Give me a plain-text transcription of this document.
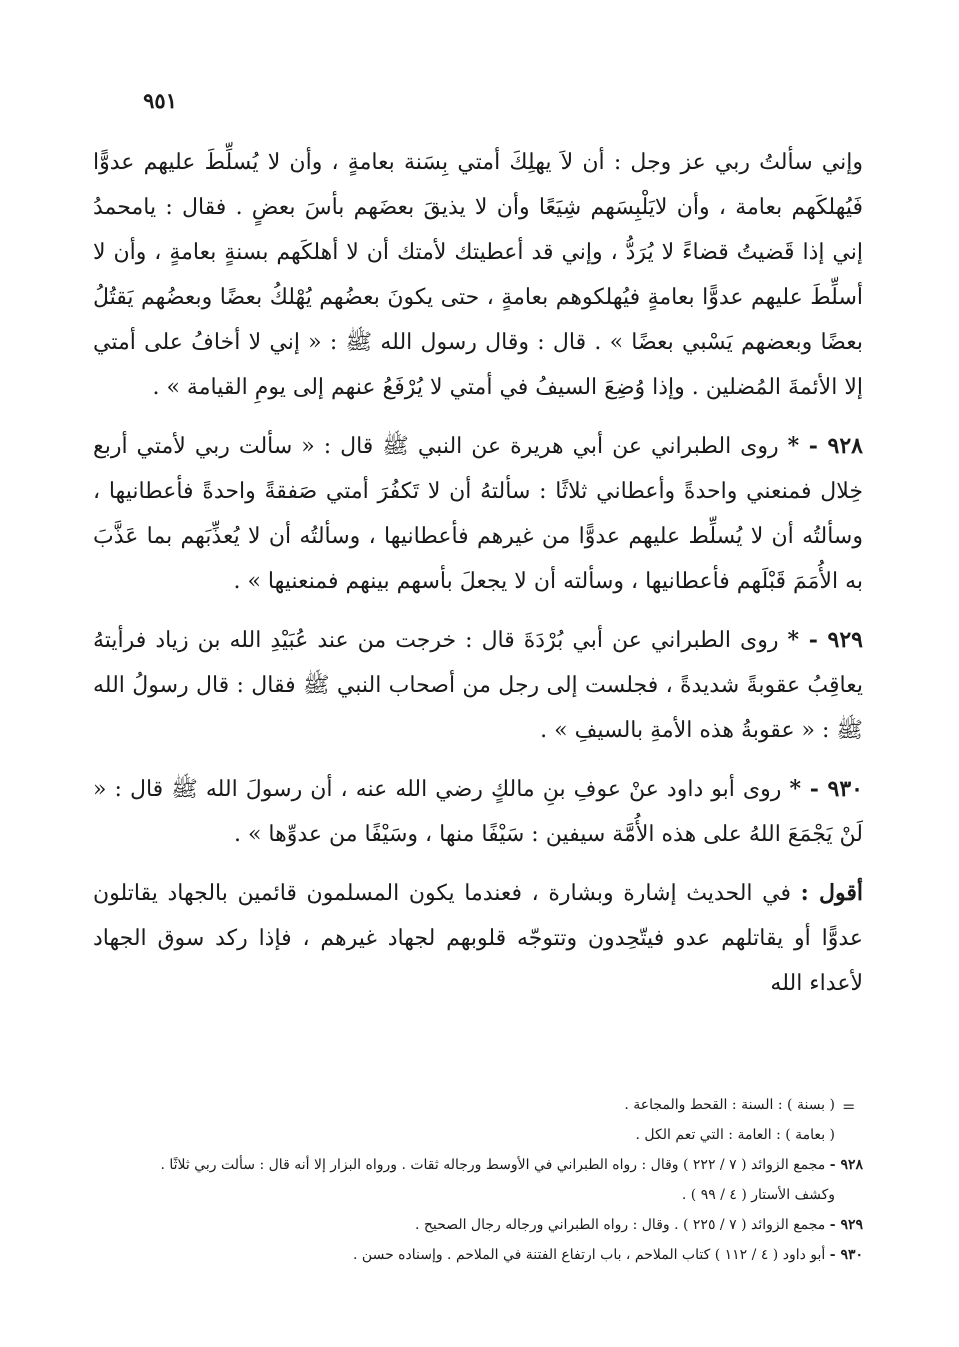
٩٥١

وإني سألتُ ربي عز وجل : أن لاَ يهلِكَ أمتي بِسَنة بعامةٍ ، وأن لا يُسلِّطَ عليهم عدوًّا فَيُهلكَهم بعامة ، وأن لايَلْبِسَهم شِيَعًا وأن لا يذيقَ بعضَهم بأسَ بعضٍ . فقال : يامحمدُ إني إذا قَضيتُ قضاءً لا يُرَدُّ ، وإني قد أعطيتك لأمتك أن لا أهلكَهم بسنةٍ بعامةٍ ، وأن لا أسلِّطَ عليهم عدوًّا بعامةٍ فيُهلكوهم بعامةٍ ، حتى يكونَ بعضُهم يُهْلكُ بعضًا وبعضُهم يَقتُلُ بعضًا وبعضهم يَسْبي بعضًا » . قال : وقال رسول الله ﷺ : « إني لا أخافُ على أمتي إلا الأئمةَ المُضلين . وإذا وُضِعَ السيفُ في أمتي لا يُرْفَعُ عنهم إلى يومِ القيامة » .

٩٢٨ - * روى الطبراني عن أبي هريرة عن النبي ﷺ قال : « سألت ربي لأمتي أربع خِلال فمنعني واحدةً وأعطاني ثلاثًا : سألتهُ أن لا تَكفُرَ أمتي صَفقةً واحدةً فأعطانيها ، وسألتُه أن لا يُسلِّط عليهم عدوًّا من غيرهم فأعطانيها ، وسألتُه أن لا يُعذِّبَهم بما عَذَّبَ به الأُمَمَ قَبْلَهم فأعطانيها ، وسألته أن لا يجعلَ بأسهم بينهم فمنعنيها » .

٩٢٩ - * روى الطبراني عن أبي بُرْدَةَ قال : خرجت من عند عُبَيْدِ الله بن زياد فرأيتهُ يعاقِبُ عقوبةً شديدةً ، فجلست إلى رجل من أصحاب النبي ﷺ فقال : قال رسولُ الله ﷺ : « عقوبةُ هذه الأمةِ بالسيفِ » .

٩٣٠ - * روى أبو داود عنْ عوفِ بنِ مالكٍ رضي الله عنه ، أن رسولَ الله ﷺ قال : « لَنْ يَجْمَعَ اللهُ على هذه الأُمَّة سيفين : سَيْفًا منها ، وسَيْفًا من عدوِّها » .

أقول : في الحديث إشارة وبشارة ، فعندما يكون المسلمون قائمين بالجهاد يقاتلون عدوًّا أو يقاتلهم عدو فيتّحِدون وتتوجّه قلوبهم لجهاد غيرهم ، فإذا ركد سوق الجهاد لأعداء الله

=

( بسنة ) : السنة : القحط والمجاعة .

( بعامة ) : العامة : التي تعم الكل .

٩٢٨ - مجمع الزوائد ( ٧ / ٢٢٢ ) وقال : رواه الطبراني في الأوسط ورجاله ثقات . ورواه البزار إلا أنه قال : سألت ربي ثلاثًا .

وكشف الأستار ( ٤ / ٩٩ ) .

٩٢٩ - مجمع الزوائد ( ٧ / ٢٢٥ ) . وقال : رواه الطبراني ورجاله رجال الصحيح .

٩٣٠ - أبو داود ( ٤ / ١١٢ ) كتاب الملاحم ، باب ارتفاع الفتنة في الملاحم . وإسناده حسن .
